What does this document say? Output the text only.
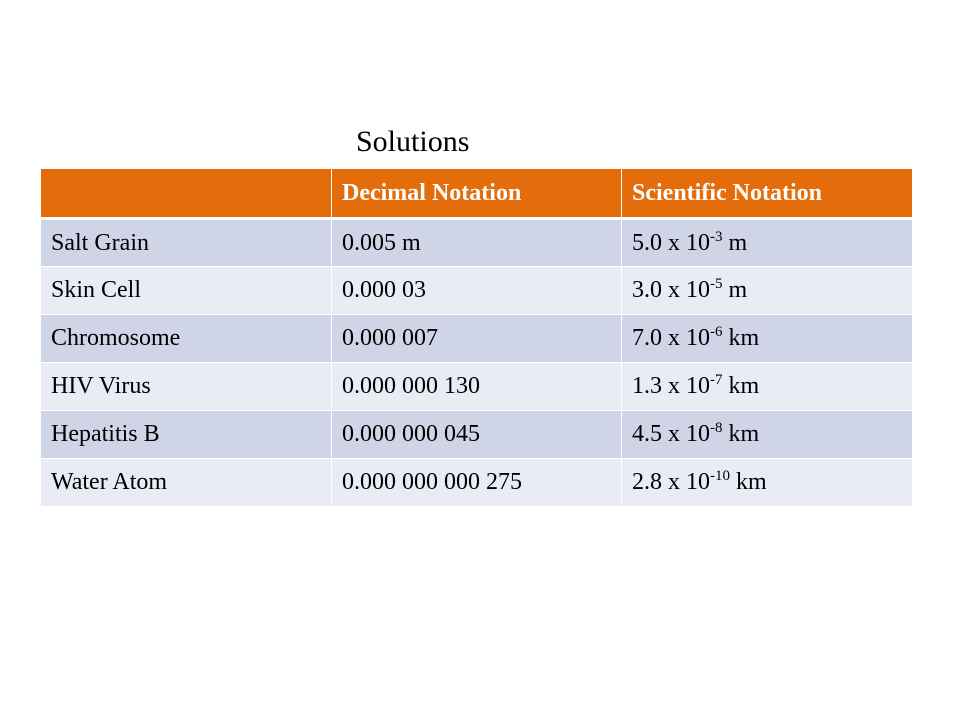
Solutions
	Decimal Notation	Scientific Notation
Salt Grain	0.005 m	5.0 x $10^{-3}$ m
Skin Cell	0.000 03	3.0 x $10^{-5}$ m
Chromosome	0.000 007	7.0 x $10^{-6}$ km
HIV Virus	0.000 000 130	1.3 x $10^{-7}$ km
Hepatitis B	0.000 000 045	4.5 x $10^{-8}$ km
Water Atom	0.000 000 000 275	2.8 x $10^{-10}$ km
